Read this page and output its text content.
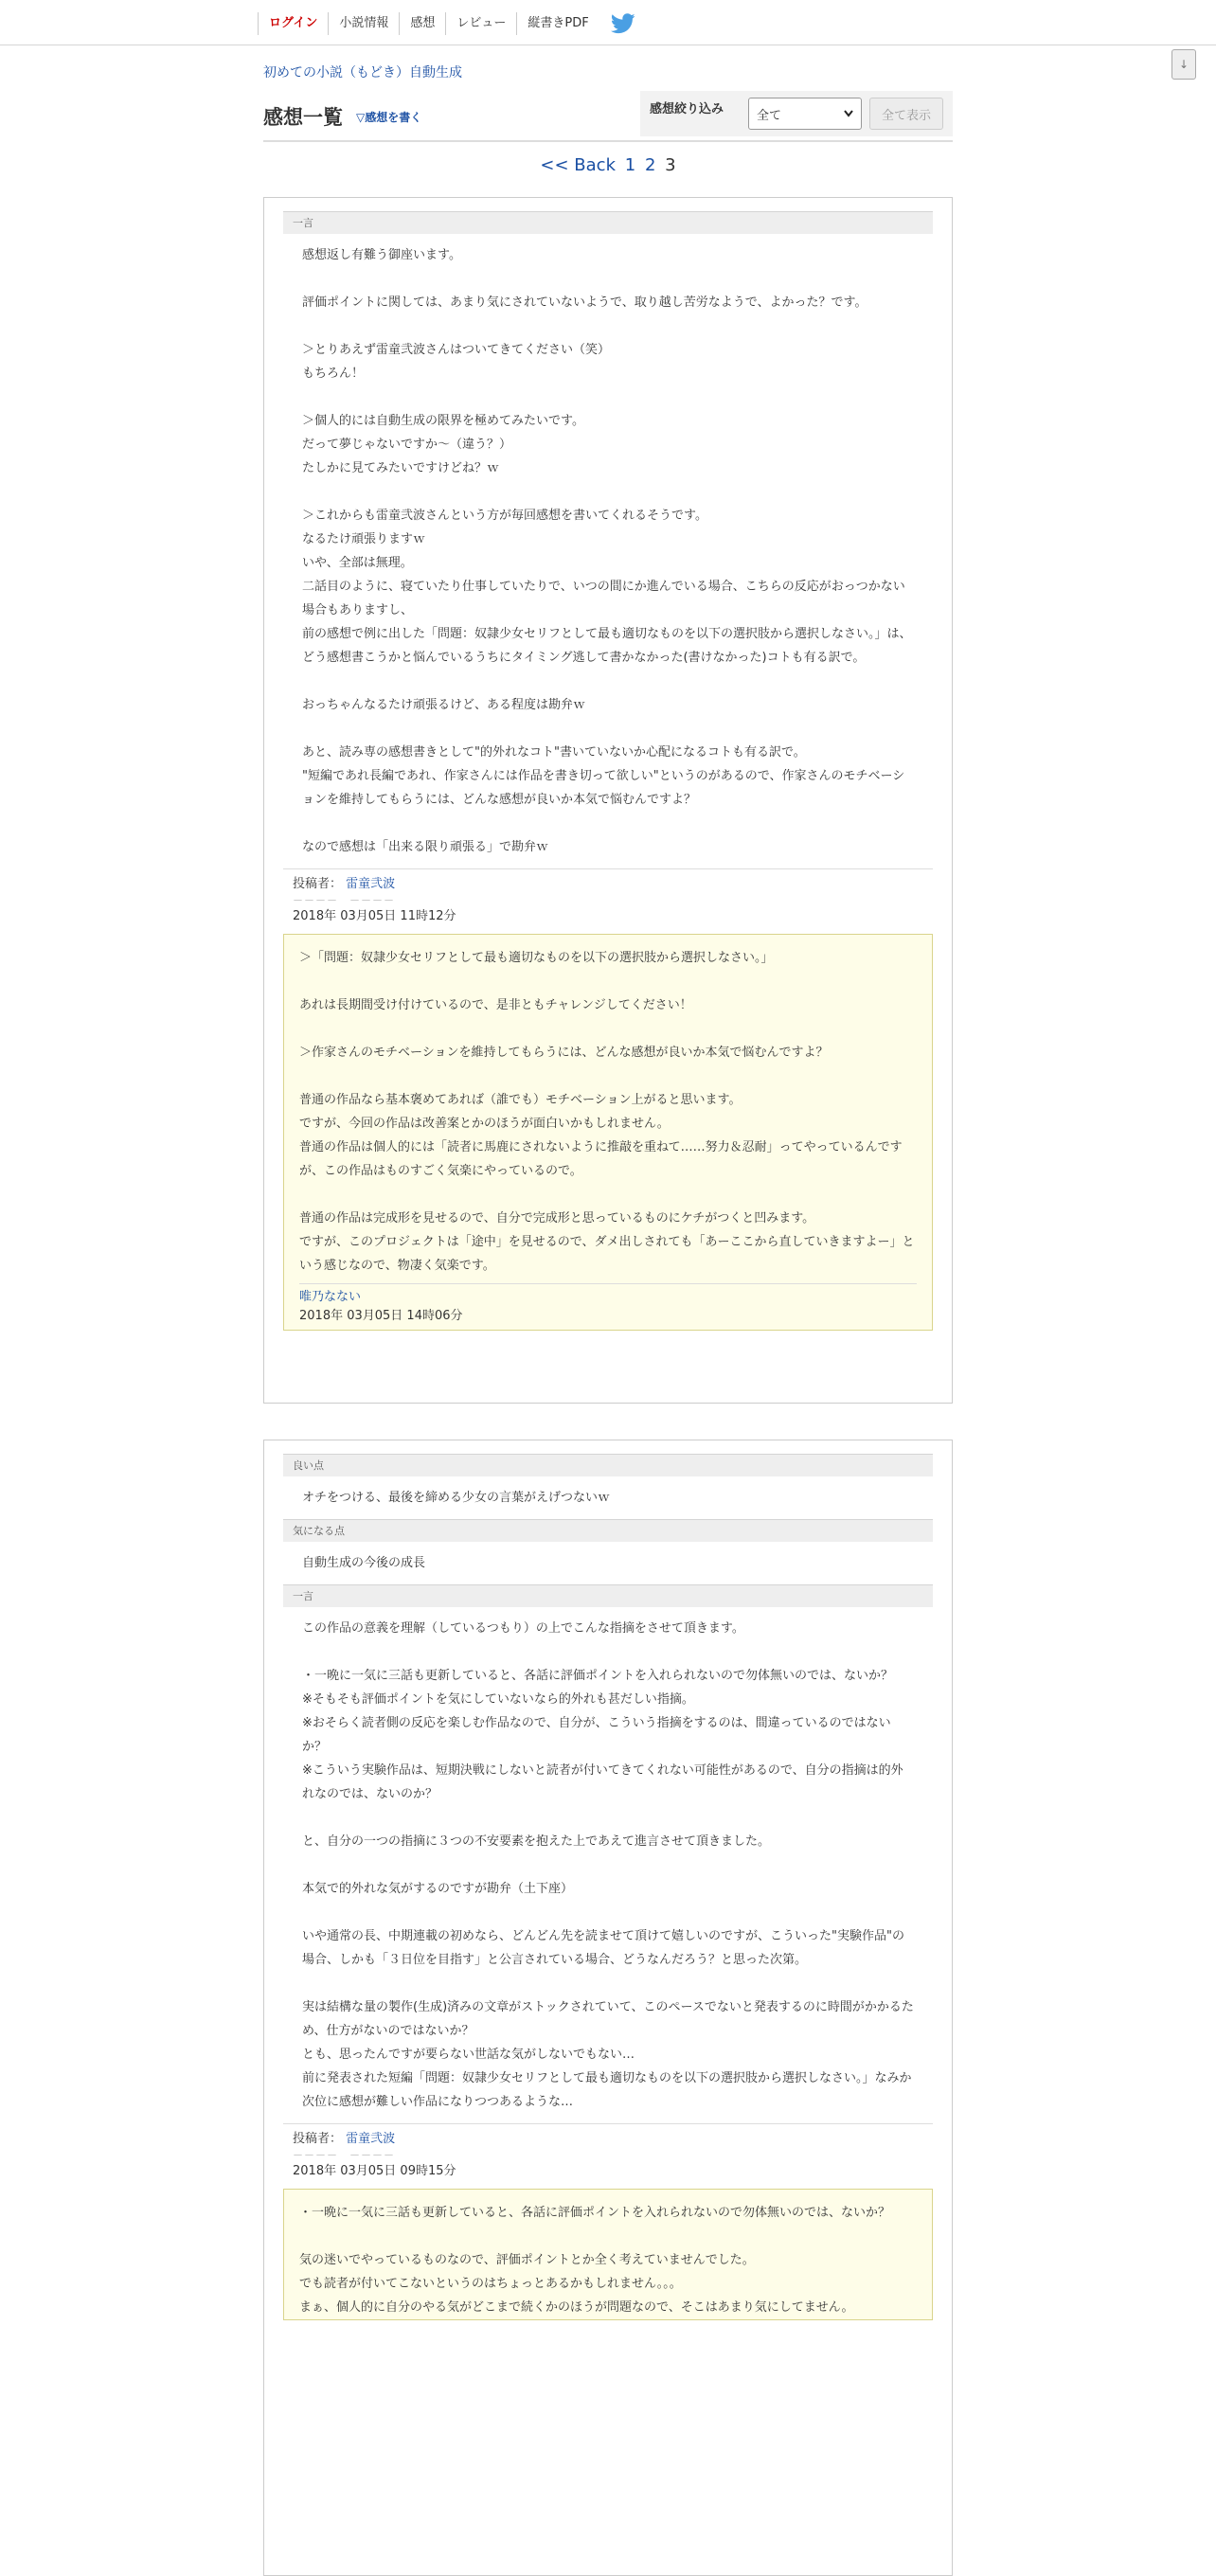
ログイン	小説情報	感想	レビュー	縦書きPDF
↓
初めての小説（もどき）自動生成
感想一覧 ▽感想を書く
感想絞り込み	全て	全て表示
<< Back 1 2 3
一言
感想返し有難う御座います。

評価ポイントに関しては、あまり気にされていないようで、取り越し苦労なようで、よかった？です。

＞とりあえず雷童弐波さんはついてきてください（笑）
もちろん！

＞個人的には自動生成の限界を極めてみたいです。
だって夢じゃないですか～（違う？）
たしかに見てみたいですけどね？ｗ

＞これからも雷童弐波さんという方が毎回感想を書いてくれるそうです。
なるたけ頑張りますｗ
いや、全部は無理。
二話目のように、寝ていたり仕事していたりで、いつの間にか進んでいる場合、こちらの反応がおっつかない場合もありますし、
前の感想で例に出した「問題：奴隷少女セリフとして最も適切なものを以下の選択肢から選択しなさい。」は、どう感想書こうかと悩んでいるうちにタイミング逃して書かなかった(書けなかった)コトも有る訳で。

おっちゃんなるたけ頑張るけど、ある程度は勘弁ｗ

あと、読み専の感想書きとして"的外れなコト"書いていないか心配になるコトも有る訳で。
"短編であれ長編であれ、作家さんには作品を書き切って欲しい"というのがあるので、作家さんのモチベーションを維持してもらうには、どんな感想が良いか本気で悩むんですよ？

なので感想は「出来る限り頑張る」で勘弁ｗ

投稿者： 雷童弐波
－－－－　－－－－
2018年 03月05日 11時12分
＞「問題：奴隷少女セリフとして最も適切なものを以下の選択肢から選択しなさい。」

あれは長期間受け付けているので、是非ともチャレンジしてください！

＞作家さんのモチベーションを維持してもらうには、どんな感想が良いか本気で悩むんですよ？

普通の作品なら基本褒めてあれば（誰でも）モチベーション上がると思います。
ですが、今回の作品は改善案とかのほうが面白いかもしれません。
普通の作品は個人的には「読者に馬鹿にされないように推敲を重ねて……努力＆忍耐」ってやっているんですが、この作品はものすごく気楽にやっているので。

普通の作品は完成形を見せるので、自分で完成形と思っているものにケチがつくと凹みます。
ですが、このプロジェクトは「途中」を見せるので、ダメ出しされても「あーここから直していきますよー」という感じなので、物凄く気楽です。
唯乃なない
2018年 03月05日 14時06分
良い点
オチをつける、最後を締める少女の言葉がえげつないｗ
気になる点
自動生成の今後の成長
一言
この作品の意義を理解（しているつもり）の上でこんな指摘をさせて頂きます。

・一晩に一気に三話も更新していると、各話に評価ポイントを入れられないので勿体無いのでは、ないか？
※そもそも評価ポイントを気にしていないなら的外れも甚だしい指摘。
※おそらく読者側の反応を楽しむ作品なので、自分が、こういう指摘をするのは、間違っているのではないか？
※こういう実験作品は、短期決戦にしないと読者が付いてきてくれない可能性があるので、自分の指摘は的外れなのでは、ないのか？

と、自分の一つの指摘に３つの不安要素を抱えた上であえて進言させて頂きました。

本気で的外れな気がするのですが勘弁（土下座）

いや通常の長、中期連載の初めなら、どんどん先を読ませて頂けて嬉しいのですが、こういった"実験作品"の場合、しかも「３日位を目指す」と公言されている場合、どうなんだろう？と思った次第。

実は結構な量の製作(生成)済みの文章がストックされていて、このペースでないと発表するのに時間がかかるため、仕方がないのではないか？
とも、思ったんですが要らない世話な気がしないでもない…
前に発表された短編「問題：奴隷少女セリフとして最も適切なものを以下の選択肢から選択しなさい。」なみか次位に感想が難しい作品になりつつあるような…

投稿者： 雷童弐波
－－－－　－－－－
2018年 03月05日 09時15分
・一晩に一気に三話も更新していると、各話に評価ポイントを入れられないので勿体無いのでは、ないか？

気の迷いでやっているものなので、評価ポイントとか全く考えていませんでした。
でも読者が付いてこないというのはちょっとあるかもしれません。。。
まぁ、個人的に自分のやる気がどこまで続くかのほうが問題なので、そこはあまり気にしてません。
